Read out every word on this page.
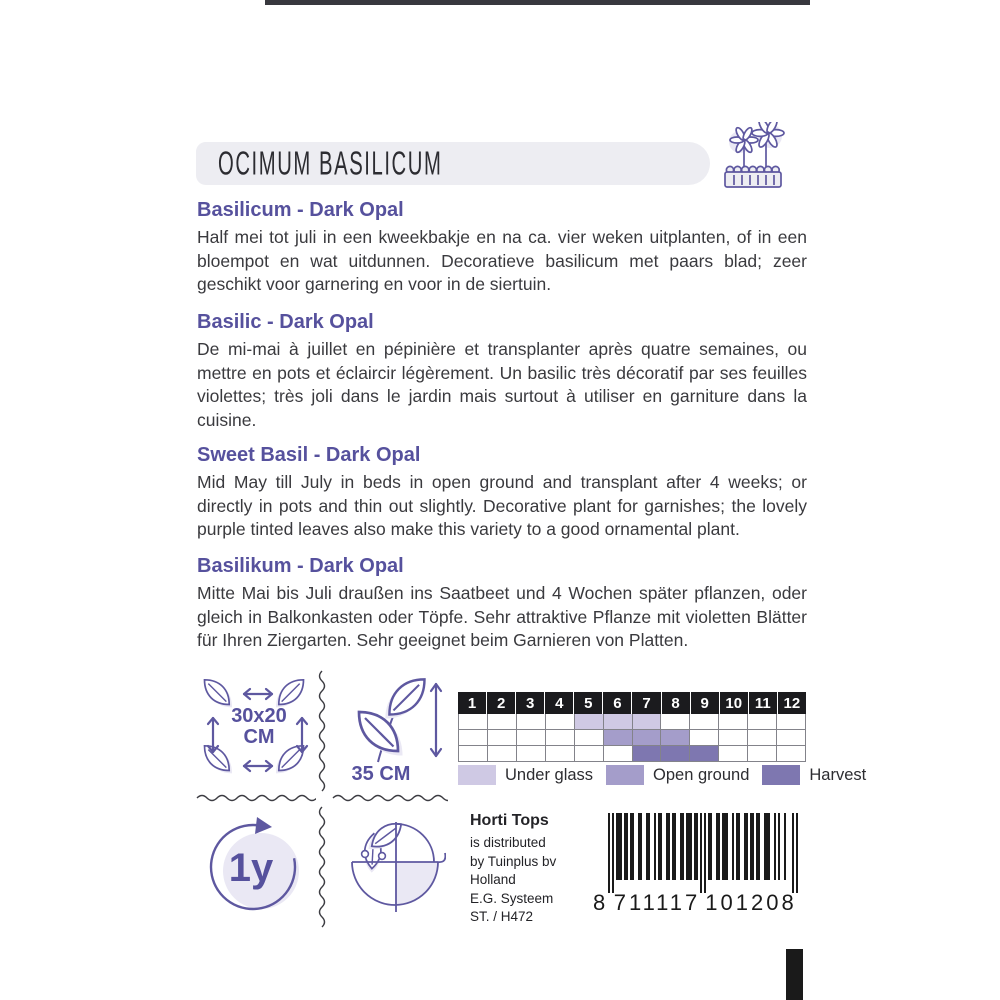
OCIMUM BASILICUM
Basilicum - Dark Opal

Half mei tot juli in een kweekbakje en na ca. vier weken uitplanten, of in een bloempot en wat uitdunnen. Decoratieve basilicum met paars blad; zeer geschikt voor garnering en voor in de siertuin.

Basilic - Dark Opal

De mi-mai à juillet en pépinière et transplanter après quatre semaines, ou mettre en pots et éclaircir légèrement. Un basilic très décoratif par ses feuilles violettes; très joli dans le jardin mais surtout à utiliser en garniture dans la cuisine.

Sweet Basil - Dark Opal

Mid May till July in beds in open ground and transplant after 4 weeks; or directly in pots and thin out slightly. Decorative plant for garnishes; the lovely purple tinted leaves also make this variety to a good ornamental plant.

Basilikum - Dark Opal

Mitte Mai bis Juli draußen ins Saatbeet und 4 Wochen später pflanzen, oder gleich in Balkonkasten oder Töpfe. Sehr attraktive Pflanze mit violetten Blätter für Ihren Ziergarten. Sehr geeignet beim Garnieren von Platten.

30x20
CM
35 CM
1y
1	2	3	4	5	6	7	8	9	10 11 12
Under glass	Open ground	Harvest
Horti Tops
is distributed
by Tuinplus bv
Holland
E.G. Systeem
ST. / H472
8 711117 101208
